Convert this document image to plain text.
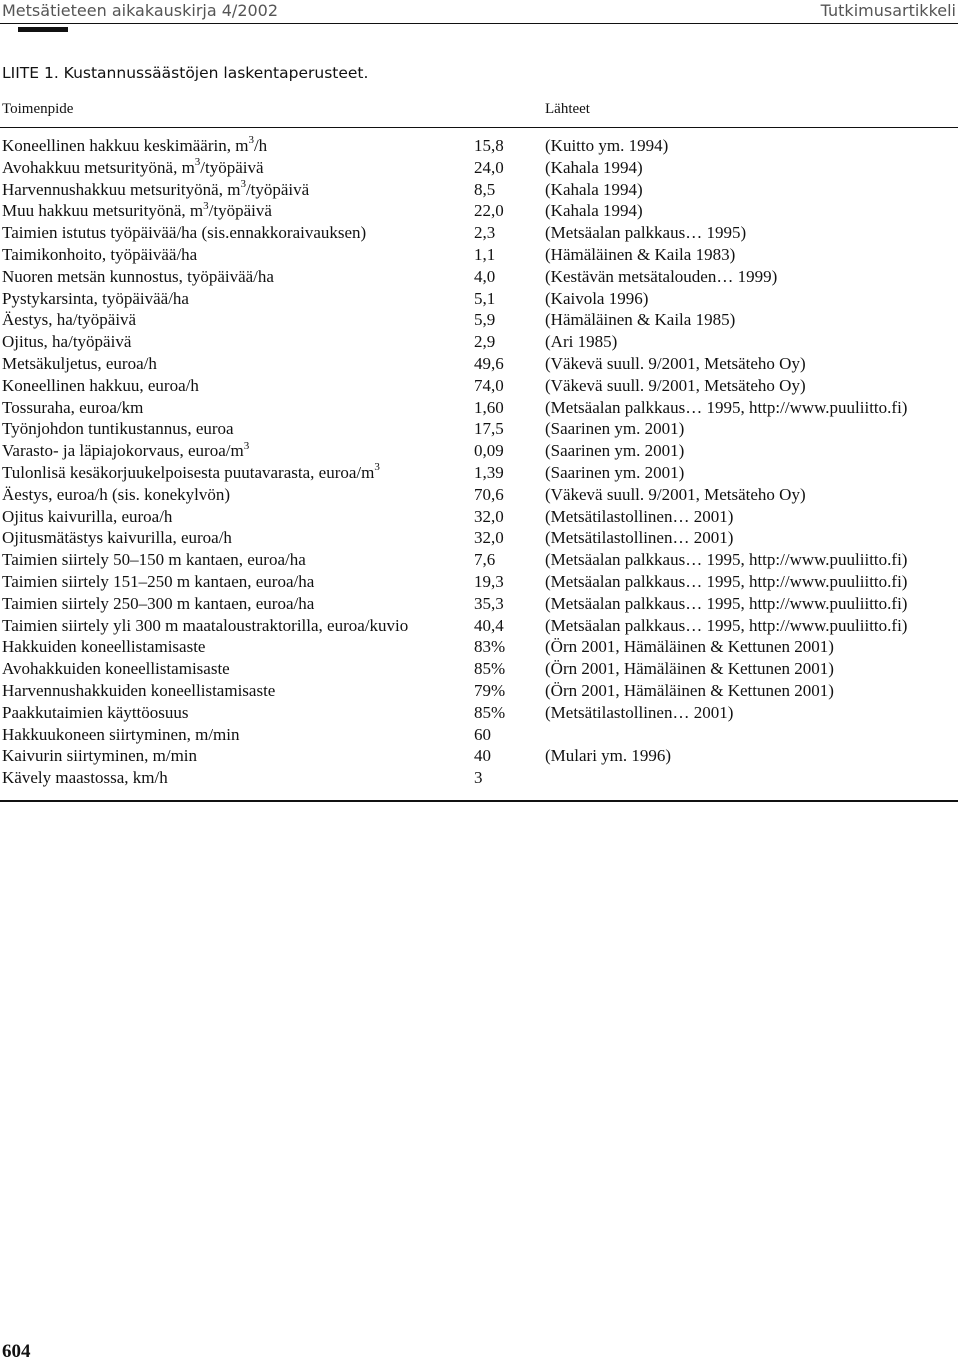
Metsätieteen aikakauskirja 4/2002	Tutkimusartikkeli
LIITE 1. Kustannussäästöjen laskentaperusteet.
Toimenpide	Lähteet
Koneellinen hakkuu keskimäärin, $m^3/h$	15,8 (Kuitto ym. 1994)
Avohakkuu metsurityönä, $m^3$/työpäivä	24,0 (Kahala 1994)
Harvennushakkuu metsurityönä, $m^3$/työpäivä	8,5	(Kahala 1994)
Muu hakkuu metsurityönä, $m^3$/työpäivä	22,0 (Kahala 1994)
Taimien istutus työpäivää/ha (sis.ennakkoraivauksen)	2,3	(Metsäalan palkkaus… 1995)
Taimikonhoito, työpäivää/ha	1,1	(Hämäläinen & Kaila 1983)
Nuoren metsän kunnostus, työpäivää/ha	4,0	(Kestävän metsätalouden… 1999)
Pystykarsinta, työpäivää/ha	5,1	(Kaivola 1996)
Äestys, ha/työpäivä	5,9	(Hämäläinen & Kaila 1985)
Ojitus, ha/työpäivä	2,9	(Ari 1985)
Metsäkuljetus, euroa/h	49,6 (Väkevä suull. 9/2001, Metsäteho Oy)
Koneellinen hakkuu, euroa/h	74,0 (Väkevä suull. 9/2001, Metsäteho Oy)
Tossuraha, euroa/km	1,60 (Metsäalan palkkaus… 1995, http://www.puuliitto.fi)
Työnjohdon tuntikustannus, euroa	17,5 (Saarinen ym. 2001)
Varasto- ja läpiajokorvaus, euroa/$m^3$	0,09 (Saarinen ym. 2001)
Tulonlisä kesäkorjuukelpoisesta puutavarasta, euroa/$m^3$	1,39 (Saarinen ym. 2001)
Äestys, euroa/h (sis. konekylvön)	70,6 (Väkevä suull. 9/2001, Metsäteho Oy)
Ojitus kaivurilla, euroa/h	32,0 (Metsätilastollinen… 2001)
Ojitusmätästys kaivurilla, euroa/h	32,0 (Metsätilastollinen… 2001)
Taimien siirtely 50–150 m kantaen, euroa/ha	7,6	(Metsäalan palkkaus… 1995, http://www.puuliitto.fi)
Taimien siirtely 151–250 m kantaen, euroa/ha	19,3 (Metsäalan palkkaus… 1995, http://www.puuliitto.fi)
Taimien siirtely 250–300 m kantaen, euroa/ha	35,3 (Metsäalan palkkaus… 1995, http://www.puuliitto.fi)
Taimien siirtely yli 300 m maataloustraktorilla, euroa/kuvio	40,4 (Metsäalan palkkaus… 1995, http://www.puuliitto.fi)
Hakkuiden koneellistamisaste	83% (Örn 2001, Hämäläinen & Kettunen 2001)
Avohakkuiden koneellistamisaste	85% (Örn 2001, Hämäläinen & Kettunen 2001)
Harvennushakkuiden koneellistamisaste	79% (Örn 2001, Hämäläinen & Kettunen 2001)
Paakkutaimien käyttöosuus	85% (Metsätilastollinen… 2001)
Hakkuukoneen siirtyminen, m/min	60
Kaivurin siirtyminen, m/min	40	(Mulari ym. 1996)
Kävely maastossa, km/h	3
604
